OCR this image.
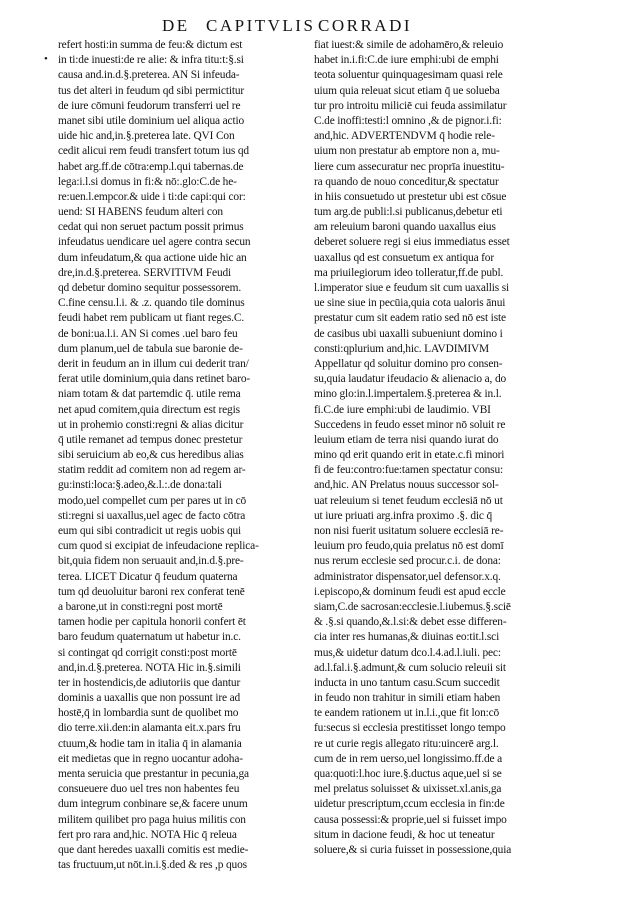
DE CAPITVLIS CORRADI
•
refert hosti:in summa de feu:& dictum est
in ti:de inuesti:de re alie: & infra titu:t:§.si
causa and.in.d.§.preterea. AN Si infeuda-
tus det alteri in feudum qd sibi permictitur
de iure cōmuni feudorum transferri uel re
manet sibi utile dominium uel aliqua actio
uide hic and,in.§.preterea late. QVI Con
cedit alicui rem feudi transfert totum ius qd
habet arg.ff.de cōtra:emp.l.qui tabernas.de
lega:i.l.si domus in fi:& nō:.glo:C.de he-
re:uen.l.empcor.& uide i ti:de capi:qui cor:
uend: SI HABENS feudum alteri con
cedat qui non seruet pactum possit primus
infeudatus uendicare uel agere contra secun
dum infeudatum,& qua actione uide hic an
dre,in.d.§.preterea. SERVITIVM Feudi
qd debetur domino sequitur possessorem.
C.fine censu.l.i. & .z. quando tile dominus
feudi habet rem publicam ut fiant reges.C.
de boni:ua.l.i. AN Si comes .uel baro feu
dum planum,uel de tabula sue baronie de-
derit in feudum an in illum cui dederit tran/
ferat utile dominium,quia dans retinet baro-
niam totam & dat partemdic q̄. utile rema
net apud comitem,quia directum est regis
ut in prohemio consti:regni & alias dicitur
q̄ utile remanet ad tempus donec prestetur
sibi seruicium ab eo,& cus heredibus alias
statim reddit ad comitem non ad regem ar-
gu:insti:loca:§.adeo,&.l.:.de dona:tali
modo,uel compellet cum per pares ut in cō
sti:regni si uaxallus,uel agec de facto cōtra
eum qui sibi contradicit ut regis uobis qui
cum quod si excipiat de infeudacione replica-
bit,quia fidem non seruauit and,in.d.§.pre-
terea. LICET Dicatur q̄ feudum quaterna
tum qd deuoluitur baroni rex conferat tenē
a barone,ut in consti:regni post mortē
tamen hodie per capitula honorii confert ēt
baro feudum quaternatum ut habetur in.c.
si contingat qd corrigit consti:post mortē
and,in.d.§.preterea. NOTA Hic in.§.simili
ter in hostendicis,de adiutoriis que dantur
dominis a uaxallis que non possunt ire ad
hostē,q̄ in lombardia sunt de quolibet mo
dio terre.xii.den:in alamanta eit.x.pars fru
ctuum,& hodie tam in italia q̄ in alamania
eit medietas que in regno uocantur adoha-
menta seruicia que prestantur in pecunia,ga
consueuere duo uel tres non habentes feu
dum integrum conbinare se,& facere unum
militem quilibet pro paga huius militis con
fert pro rara and,hic. NOTA Hic q̄ releua
que dant heredes uaxalli comitis est medie-
tas fructuum,ut nōt.in.i.§.ded & res ,p quos
fiat iuest:& simile de adohamēro,& releuio
habet in.i.fi:C.de iure emphi:ubi de emphi
teota soluentur quinquagesimam quasi rele
uium quia releuat sicut etiam q̄ ue solueba
tur pro introitu miliciē cui feuda assimilatur
C.de inoffi:testi:l omnino ,& de pignor.i.fi:
and,hic. ADVERTENDVM q̄ hodie rele-
uium non prestatur ab emptore non a, mu-
liere cum assecuratur nec proprīa inuestitu-
ra quando de nouo conceditur,& spectatur
in hiis consuetudo ut prestetur ubi est cōsue
tum arg.de publi:l.si publicanus,debetur eti
am releuium baroni quando uaxallus eius
deberet soluere regi si eius immediatus esset
uaxallus qd est consuetum ex antiqua for
ma priuilegiorum ideo tolleratur,ff.de publ.
l.imperator siue e feudum sit cum uaxallis si
ue sine siue in pecūia,quia cota ualoris ānui
prestatur cum sit eadem ratio sed nō est iste
de casibus ubi uaxalli subueniunt domino i
consti:qplurium and,hic. LAVDIMIVM
Appellatur qd soluitur domino pro consen-
su,quia laudatur ifeudacio & alienacio a, do
mino glo:in.l.impertalem.§.preterea & in.l.
fi.C.de iure emphi:ubi de laudimio. VBI
Succedens in feudo esset minor nō soluit re
leuium etiam de terra nisi quando iurat do
mino qd erit quando erit in etate.c.fi minori
fi de feu:contro:fue:tamen spectatur consu:
and,hic. AN Prelatus nouus successor sol-
uat releuium si tenet feudum ecclesiā nō ut
ut iure priuati arg.infra proximo .§. dic q̄
non nisi fuerit usitatum soluere ecclesiā re-
leuium pro feudo,quia prelatus nō est domī
nus rerum ecclesie sed procur.c.i. de dona:
administrator dispensator,uel defensor.x.q.
i.episcopo,& dominum feudi est apud eccle
siam,C.de sacrosan:ecclesie.l.iubemus.§.sciē
& .§.si quando,&.l.si:& debet esse differen-
cia inter res humanas,& diuinas eo:tit.l.sci
mus,& uidetur datum dco.l.4.ad.l.iuli. pec:
ad.l.fal.i.§.admunt,& cum solucio releuii sit
inducta in uno tantum casu.Scum succedit
in feudo non trahitur in simili etiam haben
te eandem rationem ut in.l.i.,que fit lon:cō
fu:secus si ecclesia prestitisset longo tempo
re ut curie regis allegato ritu:uincerē arg.l.
cum de in rem uerso,uel longissimo.ff.de a
qua:quoti:l.hoc iure.§.ductus aque,uel si se
mel prelatus soluisset & uixisset.xl.anis,ga
uidetur prescriptum,ccum ecclesia in fin:de
causa possessi:& proprie,uel si fuisset impo
situm in dacione feudi, & hoc ut teneatur
soluere,& si curia fuisset in possessione,quia
